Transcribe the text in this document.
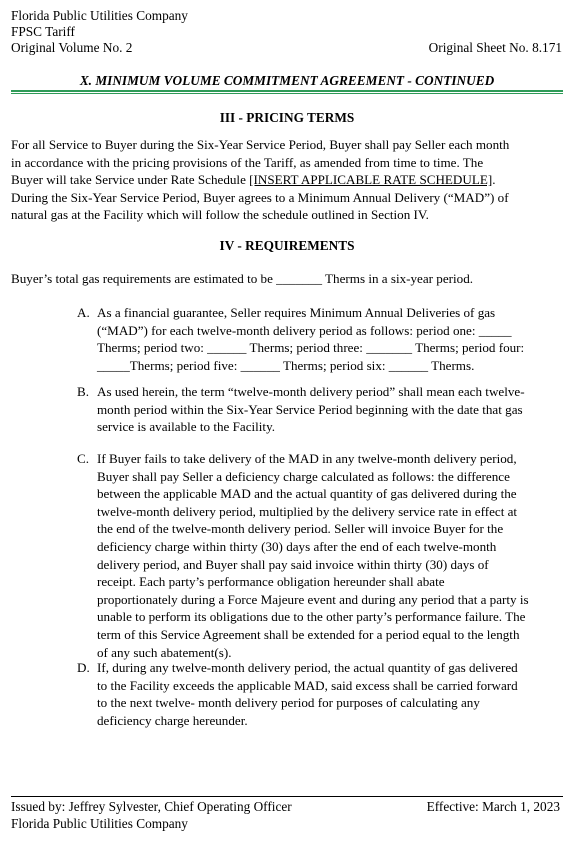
Florida Public Utilities Company
FPSC Tariff
Original Volume No. 2	Original Sheet No. 8.171
X. MINIMUM VOLUME COMMITMENT AGREEMENT - CONTINUED
III - PRICING TERMS
For all Service to Buyer during the Six-Year Service Period, Buyer shall pay Seller each month
in accordance with the pricing provisions of the Tariff, as amended from time to time. The
Buyer will take Service under Rate Schedule [INSERT APPLICABLE RATE SCHEDULE].
During the Six-Year Service Period, Buyer agrees to a Minimum Annual Delivery (“MAD”) of
natural gas at the Facility which will follow the schedule outlined in Section IV.
IV - REQUIREMENTS
Buyer’s total gas requirements are estimated to be _______ Therms in a six-year period.
A. As a financial guarantee, Seller requires Minimum Annual Deliveries of gas
(“MAD”) for each twelve-month delivery period as follows: period one: _____
Therms; period two: ______ Therms; period three: _______ Therms; period four:
_____Therms; period five: ______ Therms; period six: ______ Therms.
B. As used herein, the term “twelve-month delivery period” shall mean each twelve-
month period within the Six-Year Service Period beginning with the date that gas
service is available to the Facility.
C. If Buyer fails to take delivery of the MAD in any twelve-month delivery period,
Buyer shall pay Seller a deficiency charge calculated as follows: the difference
between the applicable MAD and the actual quantity of gas delivered during the
twelve-month delivery period, multiplied by the delivery service rate in effect at
the end of the twelve-month delivery period. Seller will invoice Buyer for the
deficiency charge within thirty (30) days after the end of each twelve-month
delivery period, and Buyer shall pay said invoice within thirty (30) days of
receipt. Each party’s performance obligation hereunder shall abate
proportionately during a Force Majeure event and during any period that a party is
unable to perform its obligations due to the other party’s performance failure. The
term of this Service Agreement shall be extended for a period equal to the length
of any such abatement(s).
D. If, during any twelve-month delivery period, the actual quantity of gas delivered
to the Facility exceeds the applicable MAD, said excess shall be carried forward
to the next twelve- month delivery period for purposes of calculating any
deficiency charge hereunder.
Issued by: Jeffrey Sylvester, Chief Operating Officer
Florida Public Utilities Company
Effective: March 1, 2023
